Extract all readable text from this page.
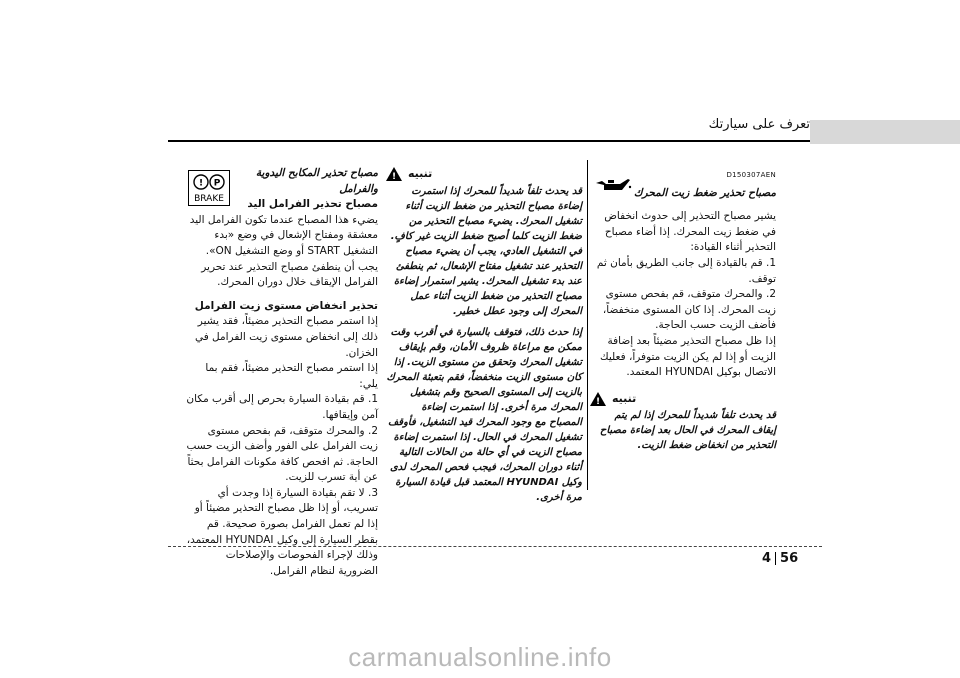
تعرف على سيارتك
D150307AEN

مصباح تحذير ضغط زيت المحرك

يشير مصباح التحذير إلى حدوث انخفاض في ضغط زيت المحرك. إذا أضاء مصباح التحذير أثناء القيادة:

1. قم بالقيادة إلى جانب الطريق بأمان ثم توقف.

2. والمحرك متوقف، قم بفحص مستوى زيت المحرك. إذا كان المستوى منخفضاً، فأضف الزيت حسب الحاجة.

إذا ظل مصباح التحذير مضيئاً بعد إضافة الزيت أو إذا لم يكن الزيت متوفراً، فعليك الاتصال بوكيل HYUNDAI المعتمد.

تنبيه
!

قد يحدث تلفاً شديداً للمحرك إذا لم يتم إيقاف المحرك في الحال بعد إضاءة مصباح التحذير من انخفاض ضغط الزيت.

تنبيه
!

قد يحدث تلفاً شديداً للمحرك إذا استمرت إضاءة مصباح التحذير من ضغط الزيت أثناء تشغيل المحرك. يضيء مصباح التحذير من ضغط الزيت كلما أصبح ضغط الزيت غير كافٍ. في التشغيل العادي، يجب أن يضيء مصباح التحذير عند تشغيل مفتاح الإشعال، ثم ينطفئ عند بدء تشغيل المحرك. يشير استمرار إضاءة مصباح التحذير من ضغط الزيت أثناء عمل المحرك إلى وجود عطل خطير.

إذا حدث ذلك، فتوقف بالسيارة في أقرب وقت ممكن مع مراعاة ظروف الأمان، وقم بإيقاف تشغيل المحرك وتحقق من مستوى الزيت. إذا كان مستوى الزيت منخفضاً، فقم بتعبئة المحرك بالزيت إلى المستوى الصحيح وقم بتشغيل المحرك مرة أخرى. إذا استمرت إضاءة المصباح مع وجود المحرك قيد التشغيل، فأوقف تشغيل المحرك في الحال. إذا استمرت إضاءة مصباح الزيت في أي حالة من الحالات التالية أثناء دوران المحرك، فيجب فحص المحرك لدى وكيل HYUNDAI المعتمد قبل قيادة السيارة مرة أخرى.

مصباح تحذير المكابح اليدوية

والفرامل

مصباح تحذير الفرامل اليد

يضيء هذا المصباح عندما تكون الفرامل اليد معشقة ومفتاح الإشعال في وضع «بدء التشغيل START أو وضع التشغيل ON». يجب أن ينطفئ مصباح التحذير عند تحرير الفرامل الإيقاف خلال دوران المحرك.

تحذير انخفاض مستوى زيت الفرامل

إذا استمر مصباح التحذير مضيئاً، فقد يشير ذلك إلى انخفاض مستوى زيت الفرامل في الخزان.

إذا استمر مصباح التحذير مضيئاً، فقم بما يلي:

1. قم بقيادة السيارة بحرص إلى أقرب مكان آمن وإيقافها.

2. والمحرك متوقف، قم بفحص مستوى زيت الفرامل على الفور وأضف الزيت حسب الحاجة. ثم افحص كافة مكونات الفرامل بحثاً عن أية تسرب للزيت.

3. لا تقم بقيادة السيارة إذا وجدت أي تسريب، أو إذا ظل مصباح التحذير مضيئاً أو إذا لم تعمل الفرامل بصورة صحيحة. قم بقطر السيارة إلى وكيل HYUNDAI المعتمد، وذلك لإجراء الفحوصات والإصلاحات الضرورية لنظام الفرامل.

! P
BRAKE
4 56
carmanualsonline.info
